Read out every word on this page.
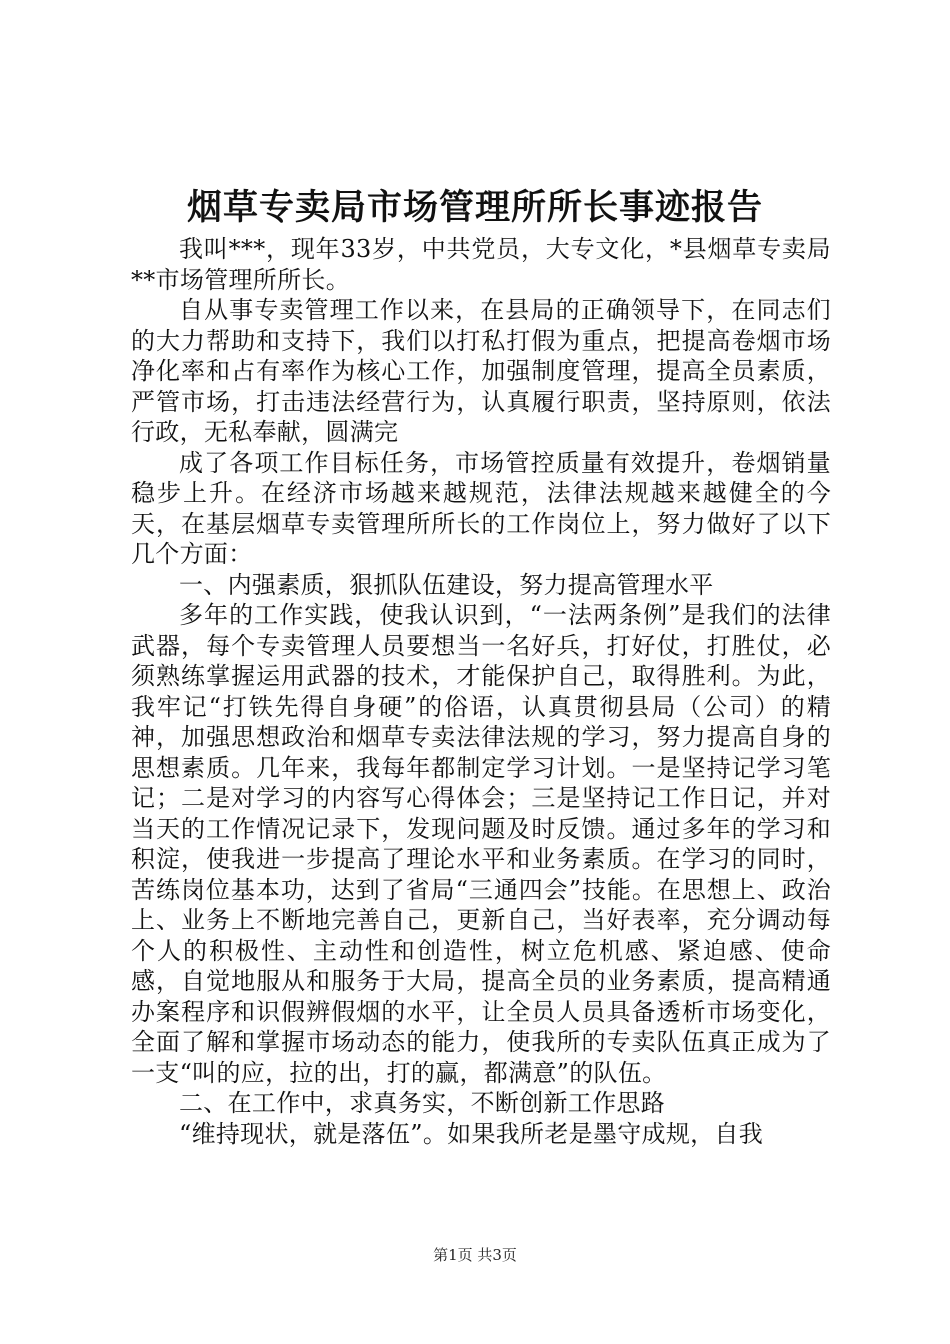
烟草专卖局市场管理所所长事迹报告

我叫***，现年33岁，中共党员，大专文化，*县烟草专卖局**市场管理所所长。

自从事专卖管理工作以来，在县局的正确领导下，在同志们的大力帮助和支持下，我们以打私打假为重点，把提高卷烟市场净化率和占有率作为核心工作，加强制度管理，提高全员素质，严管市场，打击违法经营行为，认真履行职责，坚持原则，依法行政，无私奉献，圆满完

成了各项工作目标任务，市场管控质量有效提升，卷烟销量稳步上升。在经济市场越来越规范，法律法规越来越健全的今天，在基层烟草专卖管理所所长的工作岗位上，努力做好了以下几个方面：

一、内强素质，狠抓队伍建设，努力提高管理水平

多年的工作实践，使我认识到，“一法两条例”是我们的法律武器，每个专卖管理人员要想当一名好兵，打好仗，打胜仗，必须熟练掌握运用武器的技术，才能保护自己，取得胜利。为此，我牢记“打铁先得自身硬”的俗语，认真贯彻县局（公司）的精神，加强思想政治和烟草专卖法律法规的学习，努力提高自身的思想素质。几年来，我每年都制定学习计划。一是坚持记学习笔记；二是对学习的内容写心得体会；三是坚持记工作日记，并对当天的工作情况记录下，发现问题及时反馈。通过多年的学习和积淀，使我进一步提高了理论水平和业务素质。在学习的同时，苦练岗位基本功，达到了省局“三通四会”技能。在思想上、政治上、业务上不断地完善自己，更新自己，当好表率，充分调动每个人的积极性、主动性和创造性，树立危机感、紧迫感、使命感，自觉地服从和服务于大局，提高全员的业务素质，提高精通办案程序和识假辨假烟的水平，让全员人员具备透析市场变化，全面了解和掌握市场动态的能力，使我所的专卖队伍真正成为了一支“叫的应，拉的出，打的赢，都满意”的队伍。

二、在工作中，求真务实，不断创新工作思路

“维持现状，就是落伍”。如果我所老是墨守成规，自我

第1页 共3页
